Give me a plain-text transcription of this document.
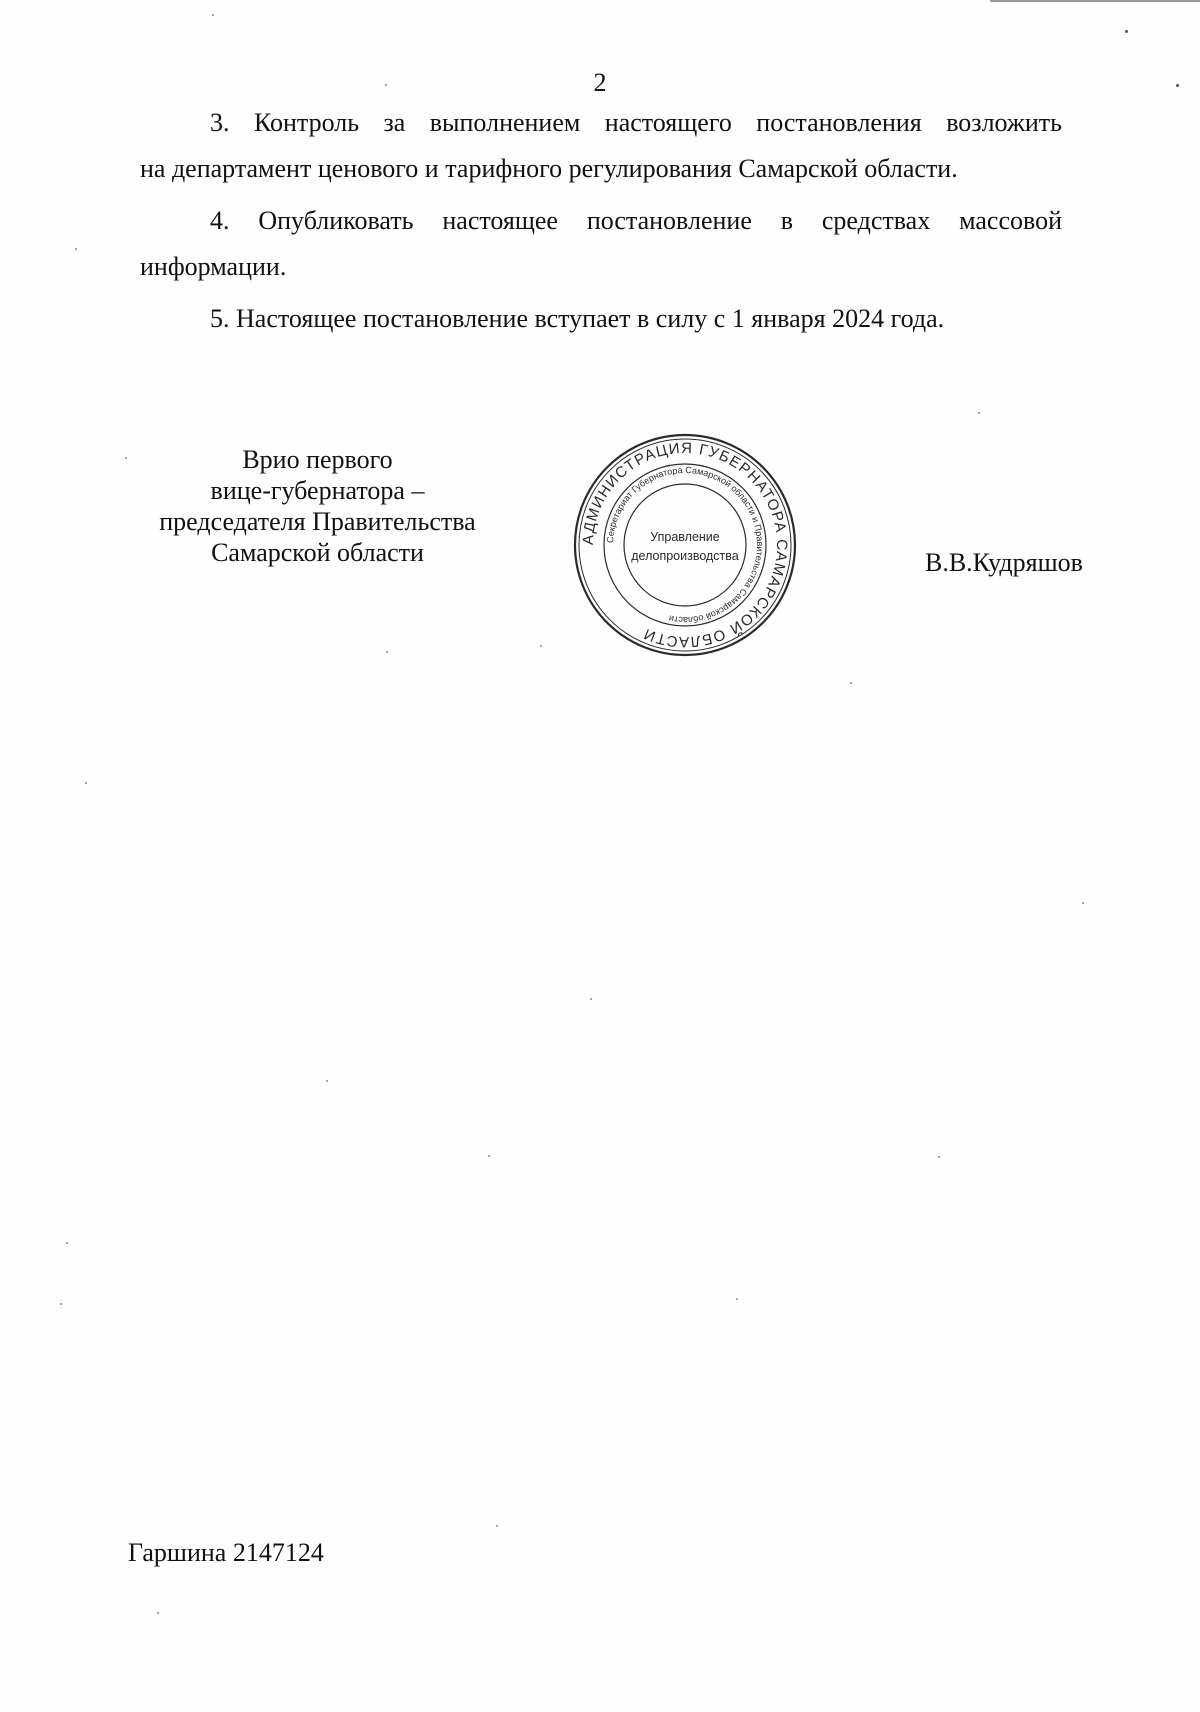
2
3. Контроль за выполнением настоящего постановления возложить
на департамент ценового и тарифного регулирования Самарской области.
4. Опубликовать настоящее постановление в средствах массовой
информации.
5. Настоящее постановление вступает в силу с 1 января 2024 года.
Врио первого
вице-губернатора –
председателя Правительства
Самарской области	АДМИНИСТРАЦИЯ ГУБЕРНАТОРА САМАРСКОЙ ОБЛАСТИ
Секретариат Губернатора Самарской области и Правительства Самарской области
Управление
делопроизводства	В.В.Кудряшов
Гаршина 2147124
